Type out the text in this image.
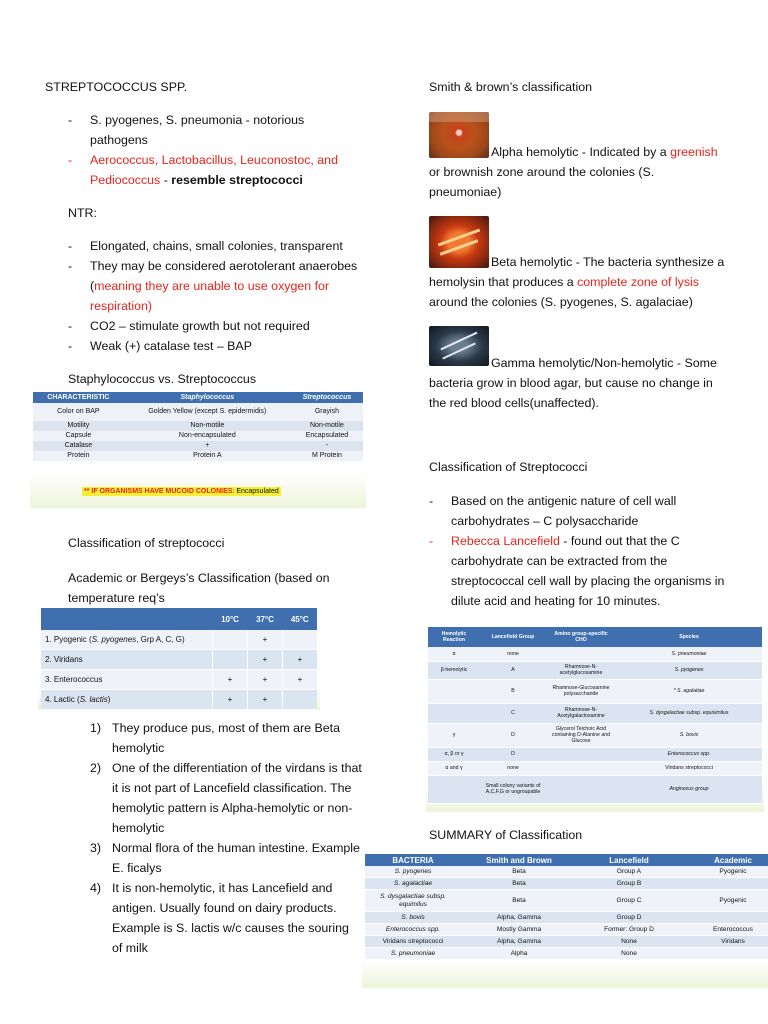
STREPTOCOCCUS SPP.
- S. pyogenes, S. pneumonia - notorious pathogens
- Aerococcus, Lactobacillus, Leuconostoc, and Pediococcus - resemble streptococci
NTR:
- Elongated, chains, small colonies, transparent
- They may be considered aerotolerant anaerobes (meaning they are unable to use oxygen for respiration)
- CO2 – stimulate growth but not required
- Weak (+) catalase test – BAP
Staphylococcus vs. Streptococcus
CHARACTERISTIC	Staphylococcus	Streptococcus
Color on BAP	Golden Yellow (except S. epidermidis)	Grayish
Motility	Non-motile	Non-motile
Capsule	Non-encapsulated	Encapsulated
Catalase	+	-
Protein	Protein A	M Protein
** IF ORGANISMS HAVE MUCOID COLONIES: Encapsulated
Classification of streptococci
Academic or Bergeys’s Classification (based on temperature req’s
	10°C	37°C	45°C
1. Pyogenic (S. pyogenes, Grp A, C, G)		+	
2. Viridans		+	+
3. Enterococcus	+	+	+
4. Lactic (S. lactis)	+	+	
1) They produce pus, most of them are Beta hemolytic
2) One of the differentiation of the virdans is that it is not part of Lancefield classification. The hemolytic pattern is Alpha-hemolytic or non-hemolytic
3) Normal flora of the human intestine. Example E. ficalys
4) It is non-hemolytic, it has Lancefield and antigen. Usually found on dairy products. Example is S. lactis w/c causes the souring of milk
Smith & brown’s classification
Alpha hemolytic - Indicated by a greenish or brownish zone around the colonies (S. pneumoniae)
Beta hemolytic - The bacteria synthesize a hemolysin that produces a complete zone of lysis around the colonies (S. pyogenes, S. agalaciae)
Gamma hemolytic/Non-hemolytic - Some bacteria grow in blood agar, but cause no change in the red blood cells(unaffected).
Classification of Streptococci
- Based on the antigenic nature of cell wall carbohydrates – C polysaccharide
- Rebecca Lancefield - found out that the C carbohydrate can be extracted from the streptococcal cell wall by placing the organisms in dilute acid and heating for 10 minutes.
Hemolytic Reaction	Lancefield Group	Amino group-specific CHO	Species
α	none		S. pneumoniae
β-hemolytic	A	Rhamnose-N-acetylglucosamine	S. pyogenes
	B	Rhamnose-Glucosamine polysaccharide	* S. agalatiae
	C	Rhamnose-N-Acetylgalactosamine	S. dysgalactiae subsp. equisimilus
γ	D	Glycerol Teichoic Acid containing D-Alanine and Glucose	S. bovis
α, β or γ	D		Enterococcus spp.
α and γ	none		Viridans streptococci
	Small colony variants of A,C,F,G or ungroupable		Anginosus group
SUMMARY of Classification
BACTERIA	Smith and Brown	Lancefield	Academic
S. pyogenes	Beta	Group A	Pyogenic
S. agalactiae	Beta	Group B	
S. dysgalactiae subsp. equimilus	Beta	Group C	Pyogenic
S. bovis	Alpha, Gamma	Group D	
Enterococcus spp.	Mostly Gamma	Former: Group D	Enterococcus
Viridans streptococci	Alpha, Gamma	None	Viridans
S. pneumoniae	Alpha	None	
